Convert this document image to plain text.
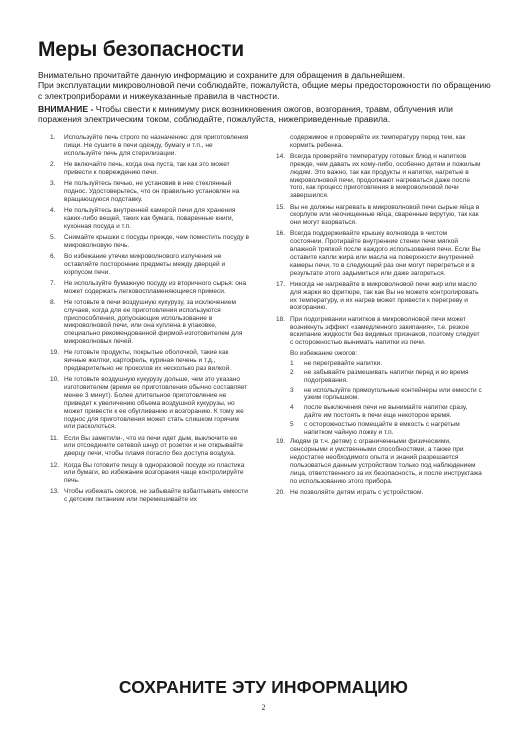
Меры безопасности

Внимательно прочитайте данную информацию и сохраните для обращения в дальнейшем.

При эксплуатации микроволновой печи соблюдайте, пожалуйста, общие меры предосторожности по обращению с электроприборами и нижеуказанные правила в частности.

ВНИМАНИЕ - Чтобы свести к минимуму риск возникновения ожогов, возгорания, травм, облучения или поражения электрическим током, соблюдайте, пожалуйста, нижеприведенные правила.
1. Используйте печь строго по назначению: для приготовления пищи. Не сушите в печи одежду, бумагу и т.п., не используйте печь для стерилизации.
2. Не включайте печь, когда она пуста, так как это может привести к повреждению печи.
3. Не пользуйтесь печью, не установив в нее стеклянный поднос. Удостоверьтесь, что он правильно установлен на вращающуюся подставку.
4. Не пользуйтесь внутренней камерой печи для хранения каких-либо вещей, таких как бумага, поваренные книги, кухонная посуда и т.п.
5. Снимайте крышки с посуды прежде, чем поместить посуду в микроволновую печь.
6. Во избежание утечки микроволнового излучения не оставляйте посторонние предметы между дверцей и корпусом печи.
7. Не используйте бумажную посуду из вторичного сырья: она может содержать легковоспламеняющиеся примеси.
8. Не готовьте в печи воздушную кукурузу, за исключением случаев, когда для ее приготовления используются приспособления, допускающие использование в микроволновой печи, или она куплена в упаковке, специально рекомендованной фирмой-изготовителем для микроволновых печей.
19. Не готовьте продукты, покрытые оболочкой, такие как яичные желтки, картофель, куриная печень и т.д., предварительно не проколов их несколько раз вилкой.
10. Не готовьте воздушную кукурузу дольше, чем это указано изготовителем (время ее приготовления обычно составляет менее 3 минут). Более длительное приготовление не приведет к увеличению объема воздушной кукурузы, но может привести к ее обугливанию и возгоранию. К тому же поднос для приготовления может стать слишком горячим или расколоться.
11. Если Вы заметили-, что из печи идет дым, выключите ее или отсоедините сетевой шнур от розетки и не открывайте дверцу печи, чтобы пламя погасло без доступа воздуха.
12. Когда Вы готовите пищу в одноразовой посуде из пластика или бумаги, во избежание возгорания чаще контролируйте печь.
13. Чтобы избежать ожогов, не забывайте взбалтывать емкости с детским питанием или перемешивайте их
содержимое и проверяйте их температуру перед тем, как кормить ребенка.
14. Всегда проверяйте температуру готовых блюд и напитков прежде, чем давать их кому-либо, особенно детям и пожилым людям. Это важно, так как продукты и напитки, нагретые в микроволновой печи, продолжают нагреваться даже после того, как процесс приготовления в микроволновой печи завершился.
15. Вы не должны нагревать в микроволновой печи сырые яйца в скорлупе или неочищенные яйца, сваренные вкрутую, так как они могут взорваться.
16. Всегда поддерживайте крышку волновода в чистом состоянии. Протирайте внутренние стенки печи мягкой влажной тряпкой после каждого использования печи. Если Вы оставите капли жира или масла на поверхности внутренней камеры печи, то в следующий раз они могут перегреться и в результате этого задымиться или даже загореться.
17. Никогда не нагревайте в микроволновой печи жир или масло для жарки во фритюре, так как Вы не можете контролировать их температуру, и их нагрев может привести к перегреву и возгоранию.
18. При подогревании напитков в микроволновой печи может возникнуть эффект «замедленного закипания», т.е. резкое вскипание жидкости без видимых признаков, поэтому следует с осторожностью вынимать напитки из печи.
Во избежание ожогов:
1 не перегревайте напитки.
2 не забывайте размешивать напитки перед и во время подогревания.
3 не используйте прямоугольные контейнеры или емкости с узким горлышком.
4 после выключения печи не вынимайте напитки сразу, дайте им постоять в печи еще некоторое время.
5 с осторожностью помещайте в емкость с нагретым напитком чайную ложку и т.п.
19. Людям (в т.ч. детям) с ограниченными физическими, сенсорными и умственными способностями, а также при недостатке необходимого опыта и знаний разрешается пользоваться данным устройством только под наблюдением лица, ответственного за их безопасность, и после инструктажа по использованию этого прибора.
20. Не позволяйте детям играть с устройством.
СОХРАНИТЕ ЭТУ ИНФОРМАЦИЮ
2
